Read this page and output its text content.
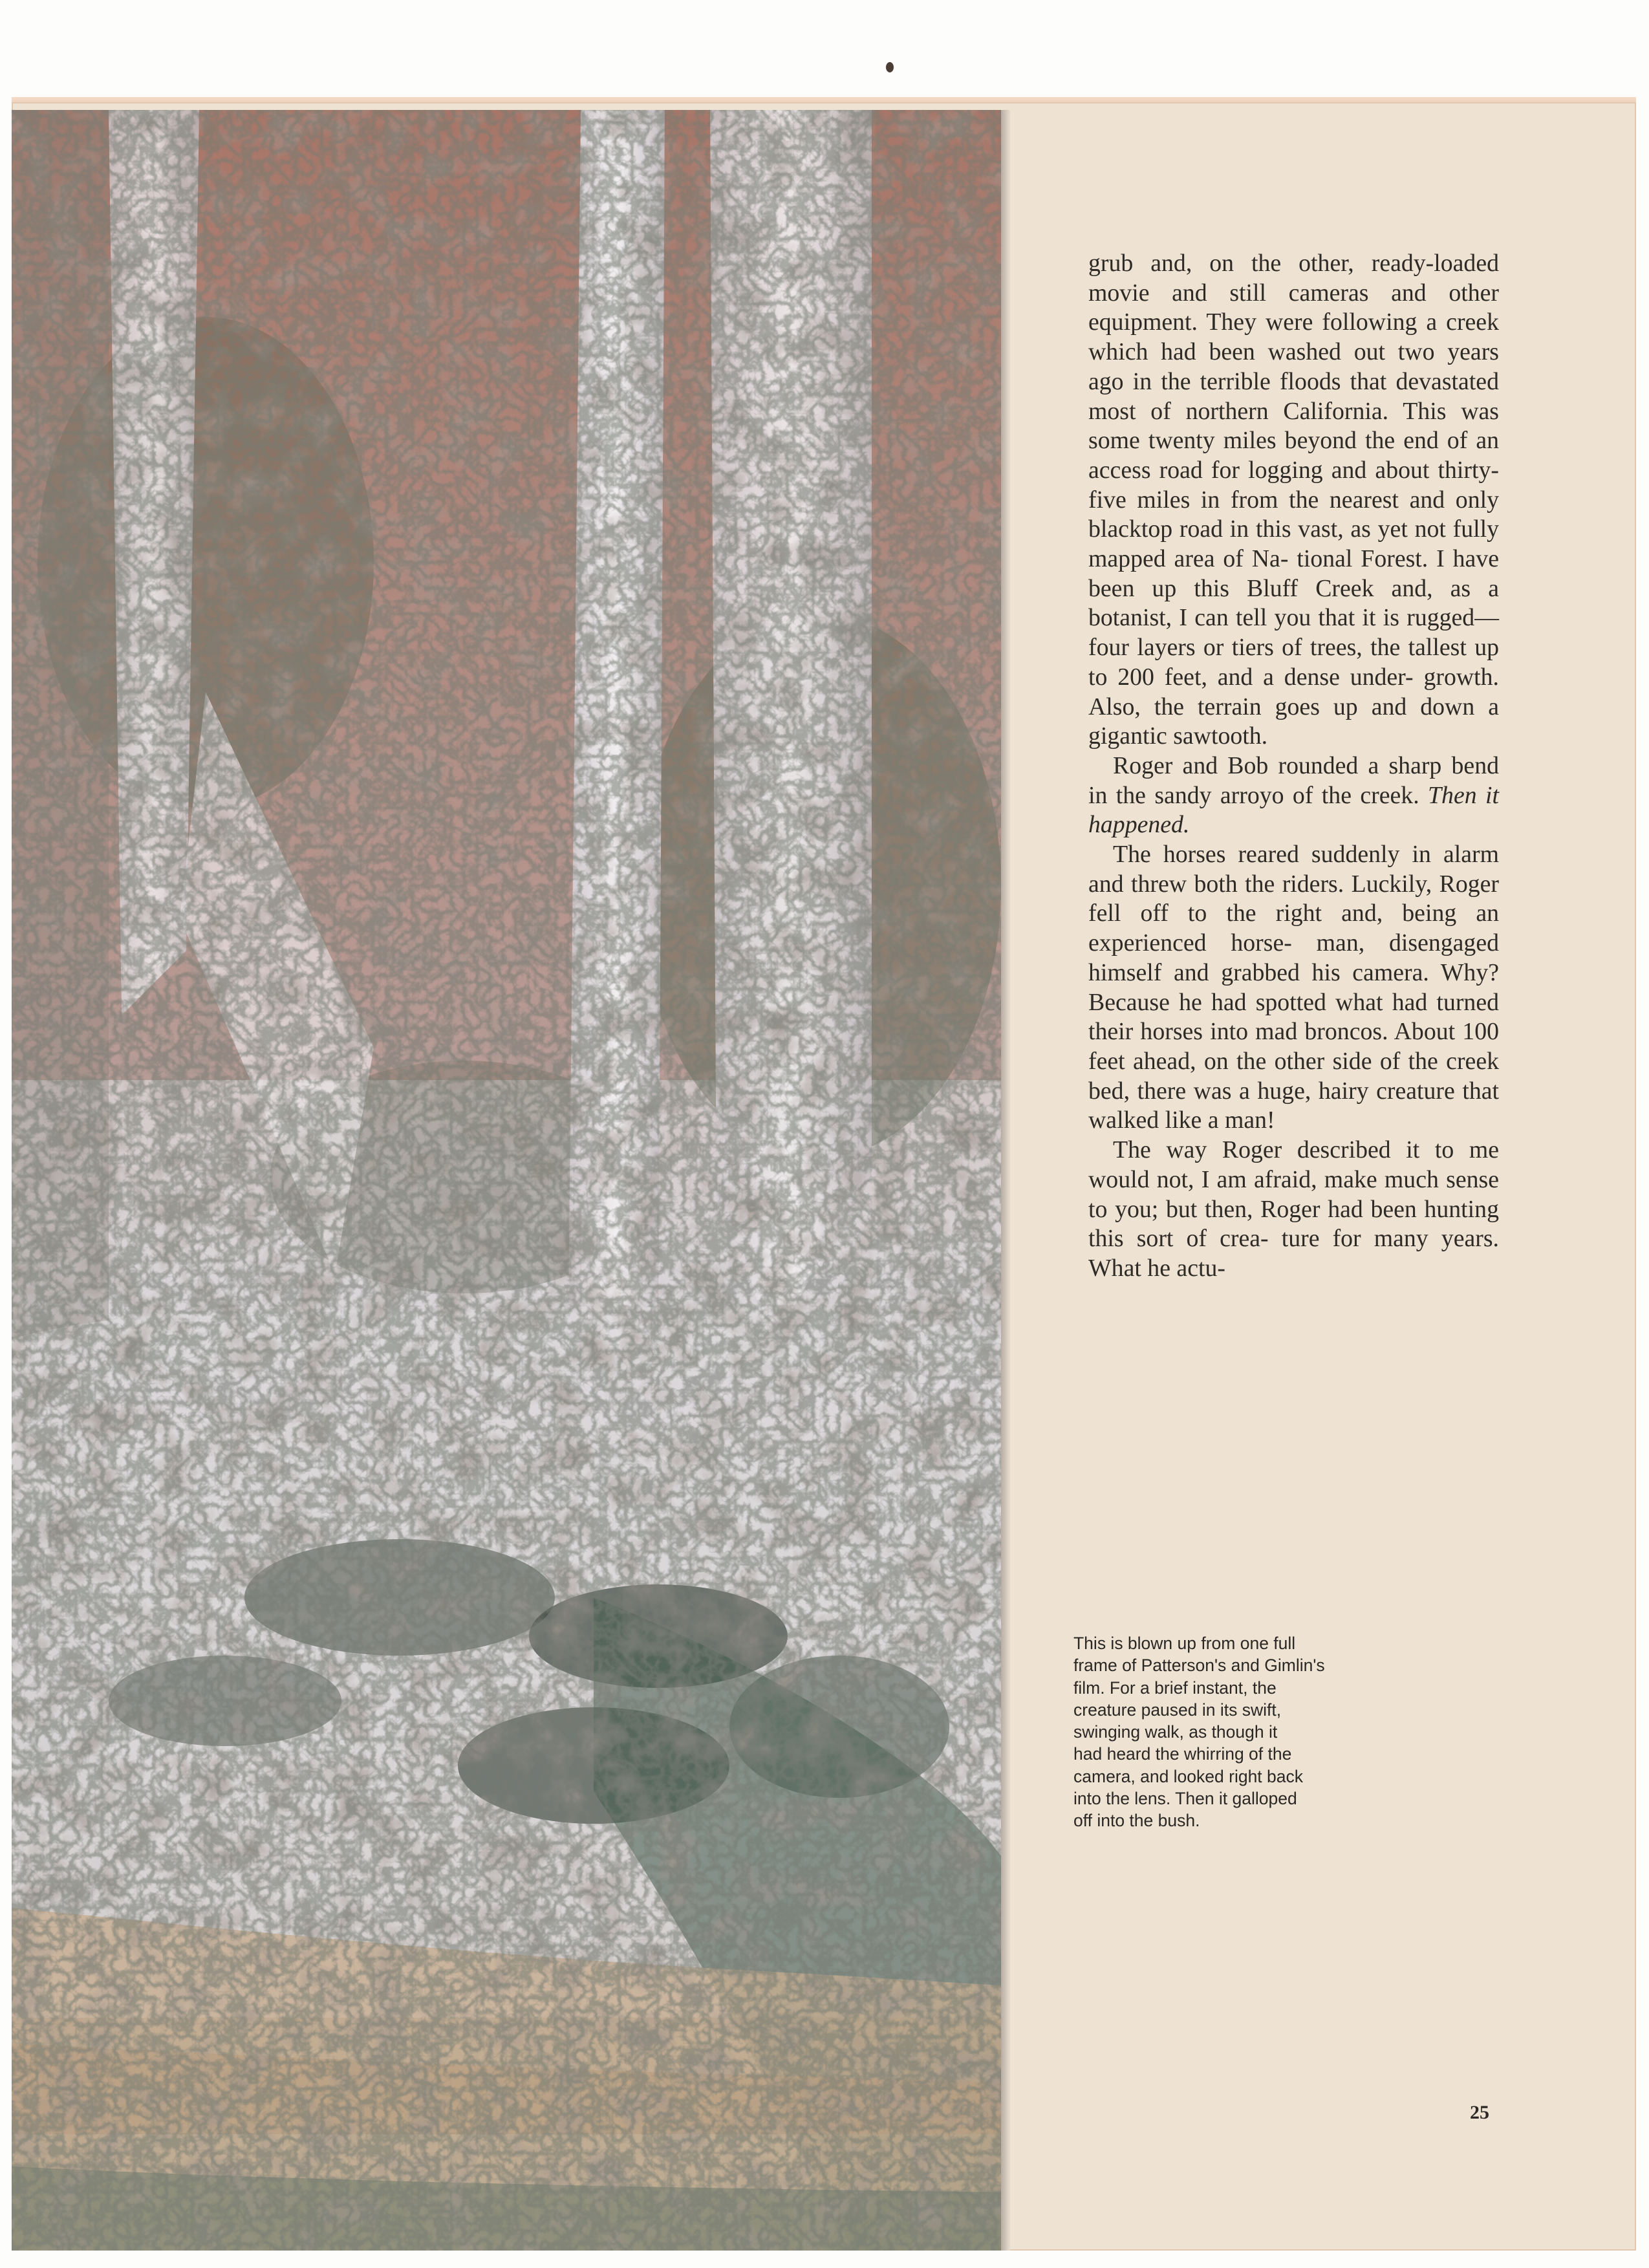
grub and, on the other, ready-loaded movie and still cameras and other equipment. They were following a creek which had been washed out two years ago in the terrible floods that devastated most of northern California. This was some twenty miles beyond the end of an access road for logging and about thirty- five miles in from the nearest and only blacktop road in this vast, as yet not fully mapped area of Na- tional Forest. I have been up this Bluff Creek and, as a botanist, I can tell you that it is rugged—four layers or tiers of trees, the tallest up to 200 feet, and a dense under- growth. Also, the terrain goes up and down a gigantic sawtooth.

Roger and Bob rounded a sharp bend in the sandy arroyo of the creek. Then it happened.

The horses reared suddenly in alarm and threw both the riders. Luckily, Roger fell off to the right and, being an experienced horse- man, disengaged himself and grabbed his camera. Why? Because he had spotted what had turned their horses into mad broncos. About 100 feet ahead, on the other side of the creek bed, there was a huge, hairy creature that walked like a man!

The way Roger described it to me would not, I am afraid, make much sense to you; but then, Roger had been hunting this sort of crea- ture for many years. What he actu-

This is blown up from one full
frame of Patterson's and Gimlin's
film. For a brief instant, the
creature paused in its swift,
swinging walk, as though it
had heard the whirring of the
camera, and looked right back
into the lens. Then it galloped
off into the bush.
25
